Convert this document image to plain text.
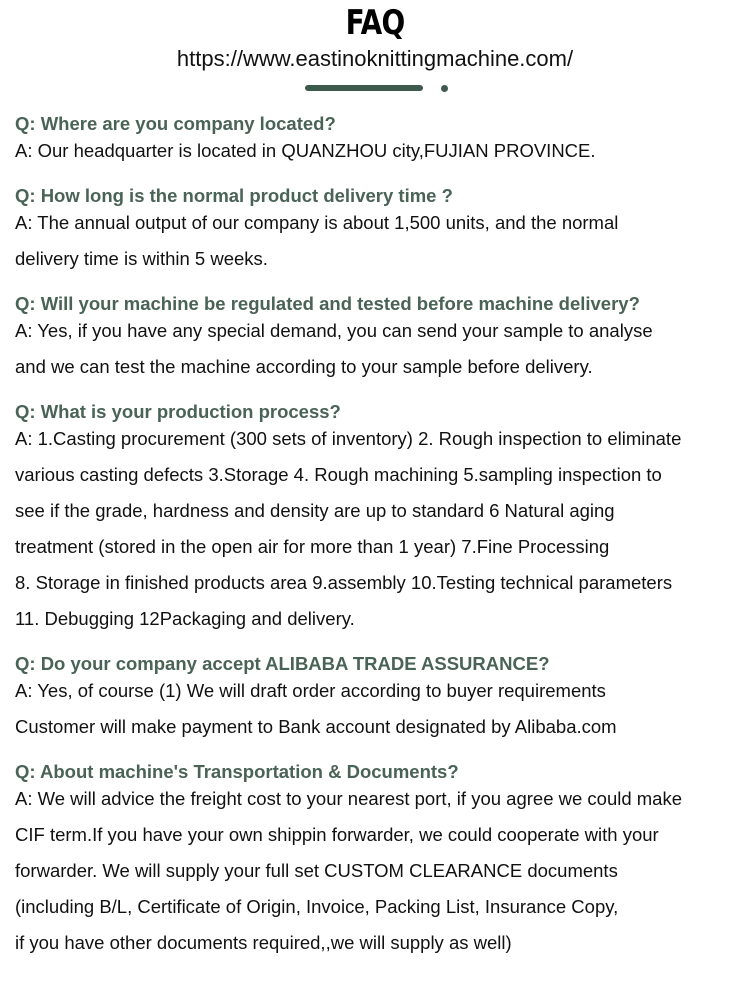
FAQ
https://www.eastinoknittingmachine.com/
Q: Where are you company located?
A: Our headquarter is located in QUANZHOU city,FUJIAN PROVINCE.
Q: How long is the normal product delivery time ?
A: The annual output of our company is about 1,500 units, and the normal
delivery time is within 5 weeks.
Q: Will your machine be regulated and tested before machine delivery?
A: Yes, if you have any special demand, you can send your sample to analyse
and we can test the machine according to your sample before delivery.
Q: What is your production process?
A: 1.Casting procurement (300 sets of inventory) 2. Rough inspection to eliminate
various casting defects 3.Storage 4. Rough machining 5.sampling inspection to
see if the grade, hardness and density are up to standard 6 Natural aging
treatment (stored in the open air for more than 1 year) 7.Fine Processing
8. Storage in finished products area 9.assembly 10.Testing technical parameters
11. Debugging 12Packaging and delivery.
Q: Do your company accept ALIBABA TRADE ASSURANCE?
A: Yes, of course (1) We will draft order according to buyer requirements
Customer will make payment to Bank account designated by Alibaba.com
Q: About machine's Transportation & Documents?
A: We will advice the freight cost to your nearest port, if you agree we could make
CIF term.If you have your own shippin forwarder, we could cooperate with your
forwarder. We will supply your full set CUSTOM CLEARANCE documents
(including B/L, Certificate of Origin, Invoice, Packing List, Insurance Copy,
if you have other documents required,,we will supply as well)
